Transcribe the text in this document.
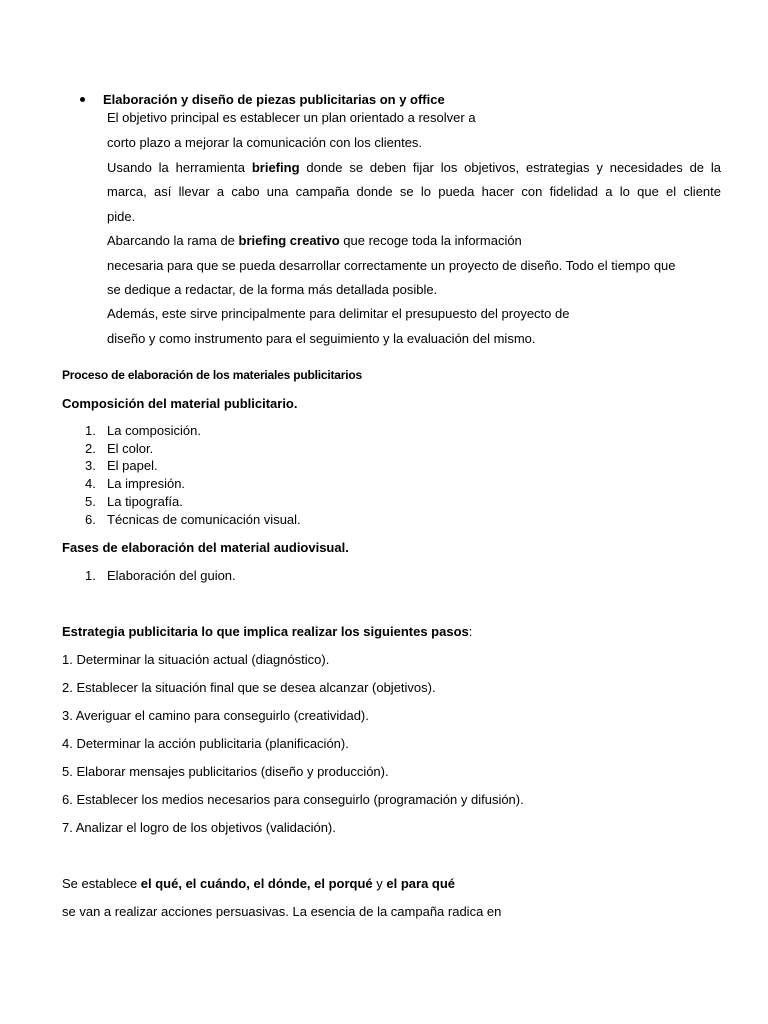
Elaboración y diseño de piezas publicitarias on y office
El objetivo principal es establecer un plan orientado a resolver a
corto plazo a mejorar la comunicación con los clientes.
Usando la herramienta briefing donde se deben fijar los objetivos, estrategias y necesidades de la
marca, así llevar a cabo una campaña donde se lo pueda hacer con fidelidad a lo que el cliente
pide.
Abarcando la rama de briefing creativo que recoge toda la información
necesaria para que se pueda desarrollar correctamente un proyecto de diseño. Todo el tiempo que
se dedique a redactar, de la forma más detallada posible.
Además, este sirve principalmente para delimitar el presupuesto del proyecto de
diseño y como instrumento para el seguimiento y la evaluación del mismo.
Proceso de elaboración de los materiales publicitarios
Composición del material publicitario.
1. La composición.
2. El color.
3. El papel.
4. La impresión.
5. La tipografía.
6. Técnicas de comunicación visual.
Fases de elaboración del material audiovisual.
1. Elaboración del guion.
Estrategia publicitaria lo que implica realizar los siguientes pasos:
1. Determinar la situación actual (diagnóstico).
2. Establecer la situación final que se desea alcanzar (objetivos).
3. Averiguar el camino para conseguirlo (creatividad).
4. Determinar la acción publicitaria (planificación).
5. Elaborar mensajes publicitarios (diseño y producción).
6. Establecer los medios necesarios para conseguirlo (programación y difusión).
7. Analizar el logro de los objetivos (validación).
Se establece el qué, el cuándo, el dónde, el porqué y el para qué
se van a realizar acciones persuasivas. La esencia de la campaña radica en
